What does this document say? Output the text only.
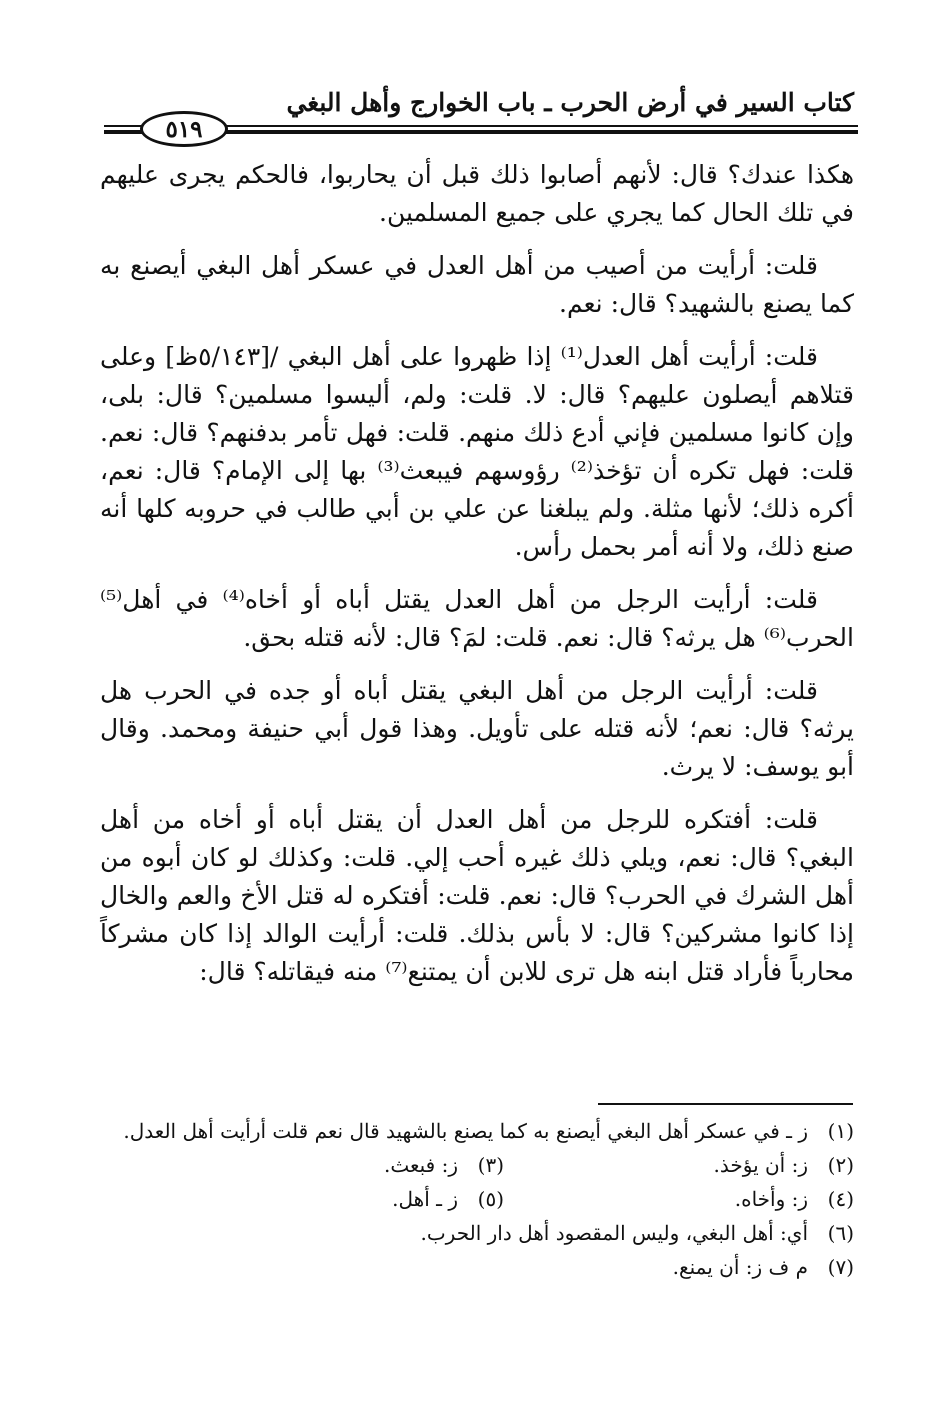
كتاب السير في أرض الحرب ـ باب الخوارج وأهل البغي
٥١٩

هكذا عندك؟ قال: لأنهم أصابوا ذلك قبل أن يحاربوا، فالحكم يجرى عليهم في تلك الحال كما يجري على جميع المسلمين.

قلت: أرأيت من أصيب من أهل العدل في عسكر أهل البغي أيصنع به كما يصنع بالشهيد؟ قال: نعم.

قلت: أرأيت أهل العدل⁽¹⁾ إذا ظهروا على أهل البغي /[٥/١٤٣ظ] وعلى قتلاهم أيصلون عليهم؟ قال: لا. قلت: ولم، أليسوا مسلمين؟ قال: بلى، وإن كانوا مسلمين فإني أدع ذلك منهم. قلت: فهل تأمر بدفنهم؟ قال: نعم. قلت: فهل تكره أن تؤخذ⁽²⁾ رؤوسهم فيبعث⁽³⁾ بها إلى الإمام؟ قال: نعم، أكره ذلك؛ لأنها مثلة. ولم يبلغنا عن علي بن أبي طالب في حروبه كلها أنه صنع ذلك، ولا أنه أمر بحمل رأس.

قلت: أرأيت الرجل من أهل العدل يقتل أباه أو أخاه⁽⁴⁾ في أهل⁽⁵⁾ الحرب⁽⁶⁾ هل يرثه؟ قال: نعم. قلت: لمَ؟ قال: لأنه قتله بحق.

قلت: أرأيت الرجل من أهل البغي يقتل أباه أو جده في الحرب هل يرثه؟ قال: نعم؛ لأنه قتله على تأويل. وهذا قول أبي حنيفة ومحمد. وقال أبو يوسف: لا يرث.

قلت: أفتكره للرجل من أهل العدل أن يقتل أباه أو أخاه من أهل البغي؟ قال: نعم، ويلي ذلك غيره أحب إلي. قلت: وكذلك لو كان أبوه من أهل الشرك في الحرب؟ قال: نعم. قلت: أفتكره له قتل الأخ والعم والخال إذا كانوا مشركين؟ قال: لا بأس بذلك. قلت: أرأيت الوالد إذا كان مشركاً محارباً فأراد قتل ابنه هل ترى للابن أن يمتنع⁽⁷⁾ منه فيقاتله؟ قال:

(١)
ز ـ في عسكر أهل البغي أيصنع به كما يصنع بالشهيد قال نعم قلت أرأيت أهل العدل.
(٢)
ز: أن يؤخذ.
(٣)
ز: فبعث.
(٤)
ز: وأخاه.
(٥)
ز ـ أهل.
(٦)
أي: أهل البغي، وليس المقصود أهل دار الحرب.
(٧)
م ف ز: أن يمنع.
